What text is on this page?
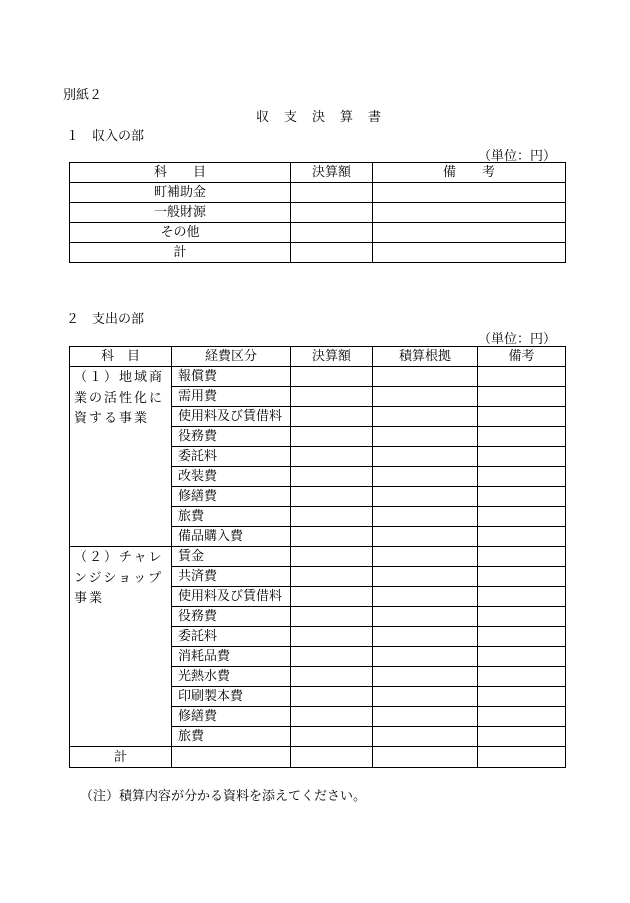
別紙２
収　支　決　算　書
１　収入の部
（単位：円）
科　　目	決算額	備　　考
町補助金		
一般財源		
その他		
計		
２　支出の部
（単位：円）
科　目	経費区分	決算額	積算根拠	備考
（１）地域商業の活性化に資する事業	報償費			
	需用費			
	使用料及び賃借料			
	役務費			
	委託料			
	改装費			
	修繕費			
	旅費			
	備品購入費			
（２）チャレンジショップ事業	賃金			
	共済費			
	使用料及び賃借料			
	役務費			
	委託料			
	消耗品費			
	光熱水費			
	印刷製本費			
	修繕費			
	旅費			
計				
（注）積算内容が分かる資料を添えてください。
